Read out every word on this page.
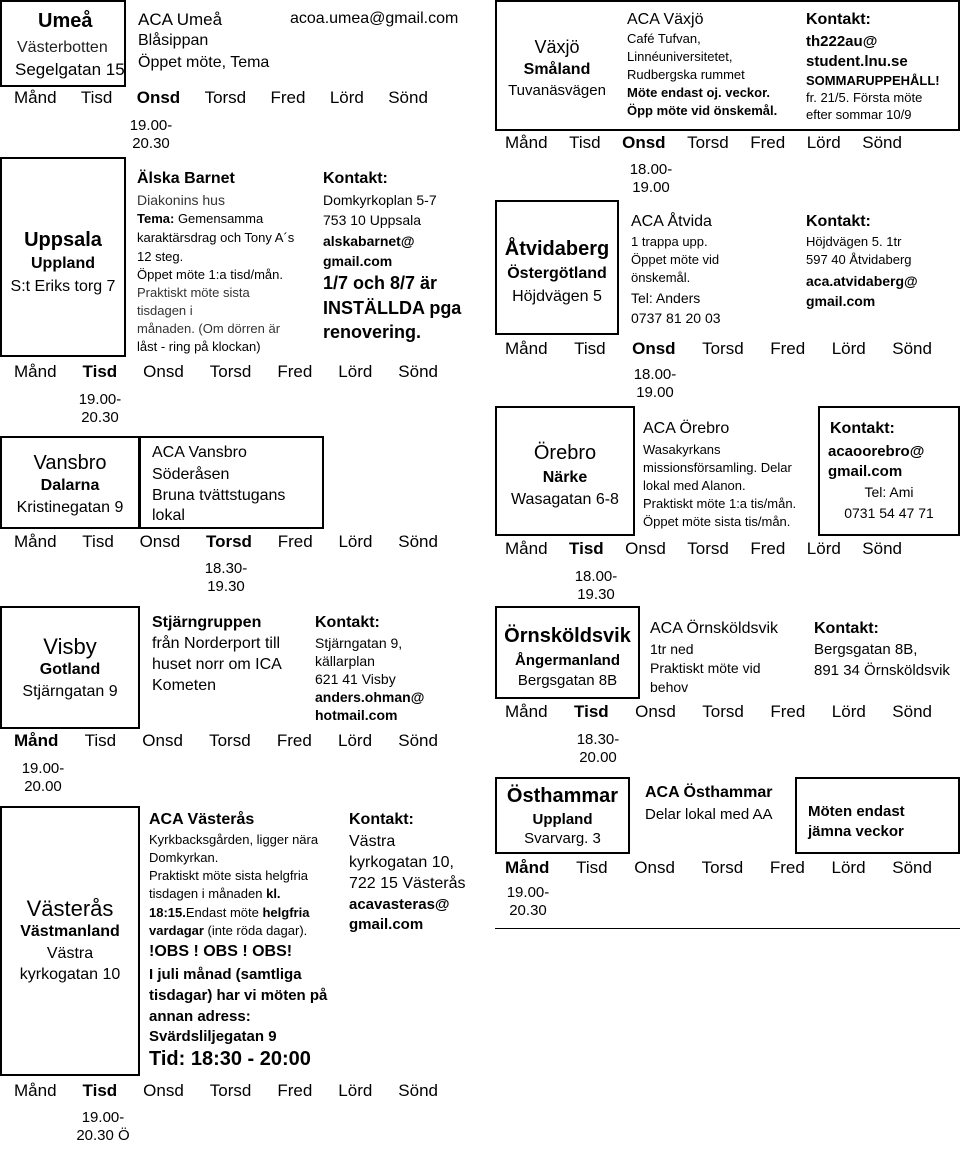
Umeå
Västerbotten
Segelgatan 15
ACA Umeå
Blåsippan
Öppet möte, Tema
acoa.umea@gmail.com
Månd Tisd Onsd Torsd Fred Lörd Sönd
19.00-
20.30
Uppsala
Uppland
S:t Eriks torg 7
Älska Barnet
Diakonins hus
Tema: Gemensamma
karaktärsdrag och Tony A´s
12 steg.
Öppet möte 1:a tisd/mån.
Praktiskt möte sista
tisdagen i
månaden. (Om dörren är
låst - ring på klockan)
Kontakt:
Domkyrkoplan 5-7
753 10 Uppsala
alskabarnet@
gmail.com
1/7 och 8/7 är
INSTÄLLDA pga
renovering.
Månd Tisd Onsd Torsd Fred Lörd Sönd
19.00-
20.30
Vansbro
Dalarna
Kristinegatan 9
ACA Vansbro
Söderåsen
Bruna tvättstugans
lokal
Månd Tisd Onsd Torsd Fred Lörd Sönd
18.30-
19.30
Visby
Gotland
Stjärngatan 9
Stjärngruppen
från Norderport till
huset norr om ICA
Kometen
Kontakt:
Stjärngatan 9,
källarplan
621 41 Visby
anders.ohman@
hotmail.com
Månd Tisd Onsd Torsd Fred Lörd Sönd
19.00-
20.00
Västerås
Västmanland
Västra
kyrkogatan 10
ACA Västerås
Kyrkbacksgården, ligger nära
Domkyrkan.
Praktiskt möte sista helgfria
tisdagen i månaden kl.
18:15.Endast möte helgfria
vardagar (inte röda dagar).
!OBS ! OBS ! OBS!
I juli månad (samtliga
tisdagar) har vi möten på
annan adress:
Svärdsliljegatan 9
Tid: 18:30 - 20:00
Kontakt:
Västra
kyrkogatan 10,
722 15 Västerås
acavasteras@
gmail.com
Månd Tisd Onsd Torsd Fred Lörd Sönd
19.00-
20.30 Ö
Växjö
Småland
Tuvanäsvägen
ACA Växjö
Café Tufvan,
Linnéuniversitetet,
Rudbergska rummet
Möte endast oj. veckor.
Öpp möte vid önskemål.
Kontakt:
th222au@
student.lnu.se
SOMMARUPPEHÅLL!
fr. 21/5. Första möte
efter sommar 10/9
Månd Tisd Onsd Torsd Fred Lörd Sönd
18.00-
19.00
Åtvidaberg
Östergötland
Höjdvägen 5
ACA Åtvida
1 trappa upp.
Öppet möte vid
önskemål.
Tel: Anders
0737 81 20 03
Kontakt:
Höjdvägen 5. 1tr
597 40 Åtvidaberg
aca.atvidaberg@
gmail.com
Månd Tisd Onsd Torsd Fred Lörd Sönd
18.00-
19.00
Örebro
Närke
Wasagatan 6-8
ACA Örebro
Wasakyrkans
missionsförsamling. Delar
lokal med Alanon.
Praktiskt möte 1:a tis/mån.
Öppet möte sista tis/mån.
Kontakt:
acaoorebro@
gmail.com
Tel: Ami
0731 54 47 71
Månd Tisd Onsd Torsd Fred Lörd Sönd
18.00-
19.30
Örnsköldsvik
Ångermanland
Bergsgatan 8B
ACA Örnsköldsvik
1tr ned
Praktiskt möte vid
behov
Kontakt:
Bergsgatan 8B,
891 34 Örnsköldsvik
Månd Tisd Onsd Torsd Fred Lörd Sönd
18.30-
20.00
Östhammar
Uppland
Svarvarg. 3
ACA Östhammar
Delar lokal med AA Möten endast
jämna veckor
Månd Tisd Onsd Torsd Fred Lörd Sönd
19.00-
20.30
